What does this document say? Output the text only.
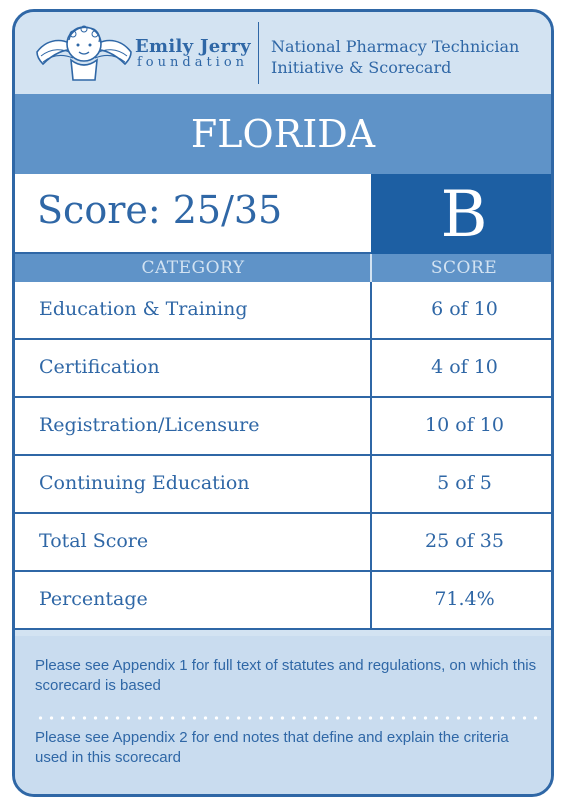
Emily Jerry
foundation
National Pharmacy Technician
Initiative & Scorecard
FLORIDA
Score: 25/35	B
CATEGORY	SCORE
Education & Training	6 of 10
Certification	4 of 10
Registration/Licensure	10 of 10
Continuing Education	5 of 5
Total Score	25 of 35
Percentage	71.4%
Please see Appendix 1 for full text of statutes and regulations, on which this scorecard is based
Please see Appendix 2 for end notes that define and explain the criteria used in this scorecard
